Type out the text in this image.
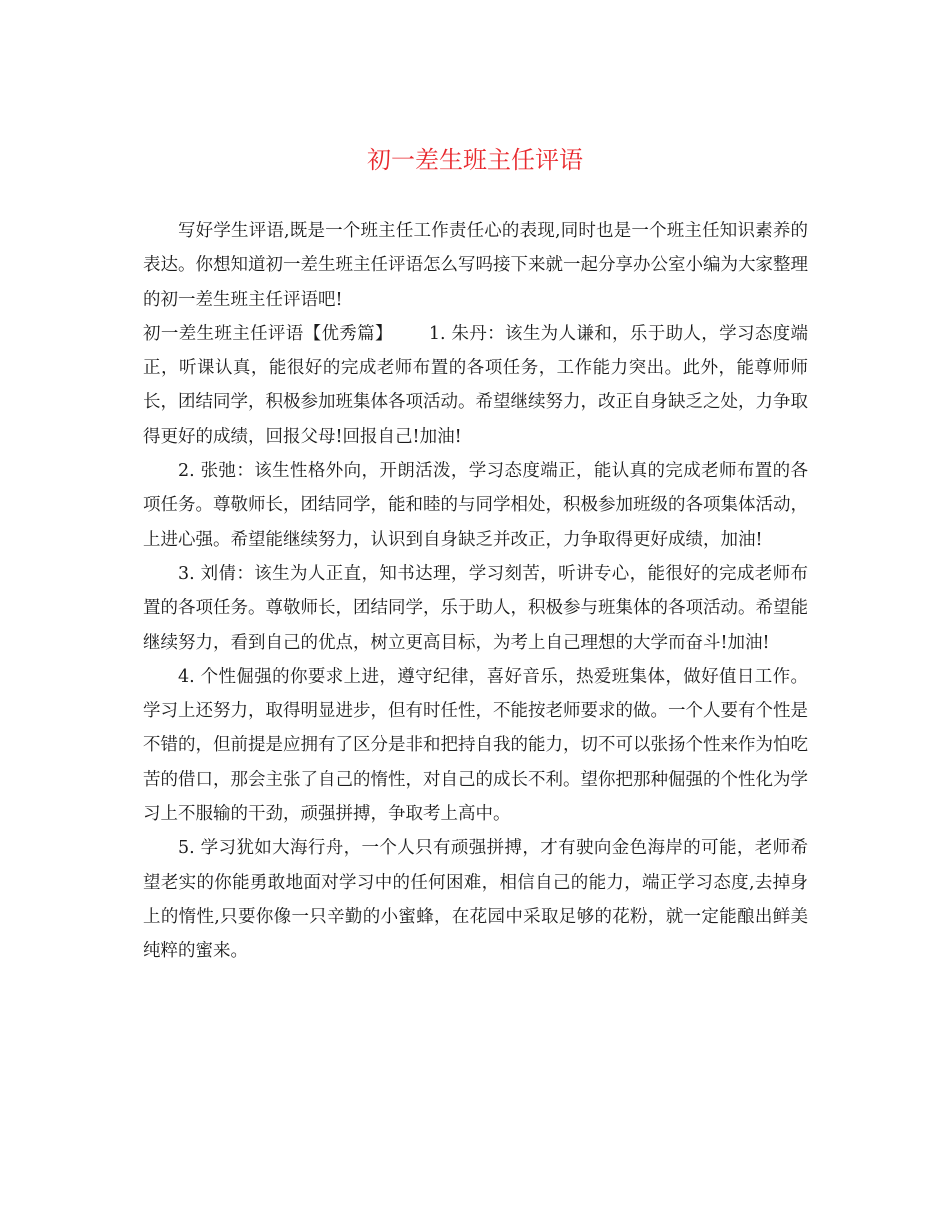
初一差生班主任评语

写好学生评语,既是一个班主任工作责任心的表现,同时也是一个班主任知识素养的表达。你想知道初一差生班主任评语怎么写吗接下来就一起分享办公室小编为大家整理的初一差生班主任评语吧!

初一差生班主任评语【优秀篇】 1. 朱丹：该生为人谦和，乐于助人，学习态度端正，听课认真，能很好的完成老师布置的各项任务，工作能力突出。此外，能尊师师长，团结同学，积极参加班集体各项活动。希望继续努力，改正自身缺乏之处，力争取得更好的成绩，回报父母!回报自己!加油!

2. 张弛：该生性格外向，开朗活泼，学习态度端正，能认真的完成老师布置的各项任务。尊敬师长，团结同学，能和睦的与同学相处，积极参加班级的各项集体活动，上进心强。希望能继续努力，认识到自身缺乏并改正，力争取得更好成绩，加油!

3. 刘倩：该生为人正直，知书达理，学习刻苦，听讲专心，能很好的完成老师布置的各项任务。尊敬师长，团结同学，乐于助人，积极参与班集体的各项活动。希望能继续努力，看到自己的优点，树立更高目标，为考上自己理想的大学而奋斗!加油!

4. 个性倔强的你要求上进，遵守纪律，喜好音乐，热爱班集体，做好值日工作。学习上还努力，取得明显进步，但有时任性，不能按老师要求的做。一个人要有个性是不错的，但前提是应拥有了区分是非和把持自我的能力，切不可以张扬个性来作为怕吃苦的借口，那会主张了自己的惰性，对自己的成长不利。望你把那种倔强的个性化为学习上不服输的干劲，顽强拼搏，争取考上高中。

5. 学习犹如大海行舟，一个人只有顽强拼搏，才有驶向金色海岸的可能，老师希望老实的你能勇敢地面对学习中的任何困难，相信自己的能力，端正学习态度,去掉身上的惰性,只要你像一只辛勤的小蜜蜂，在花园中采取足够的花粉，就一定能酿出鲜美纯粹的蜜来。
